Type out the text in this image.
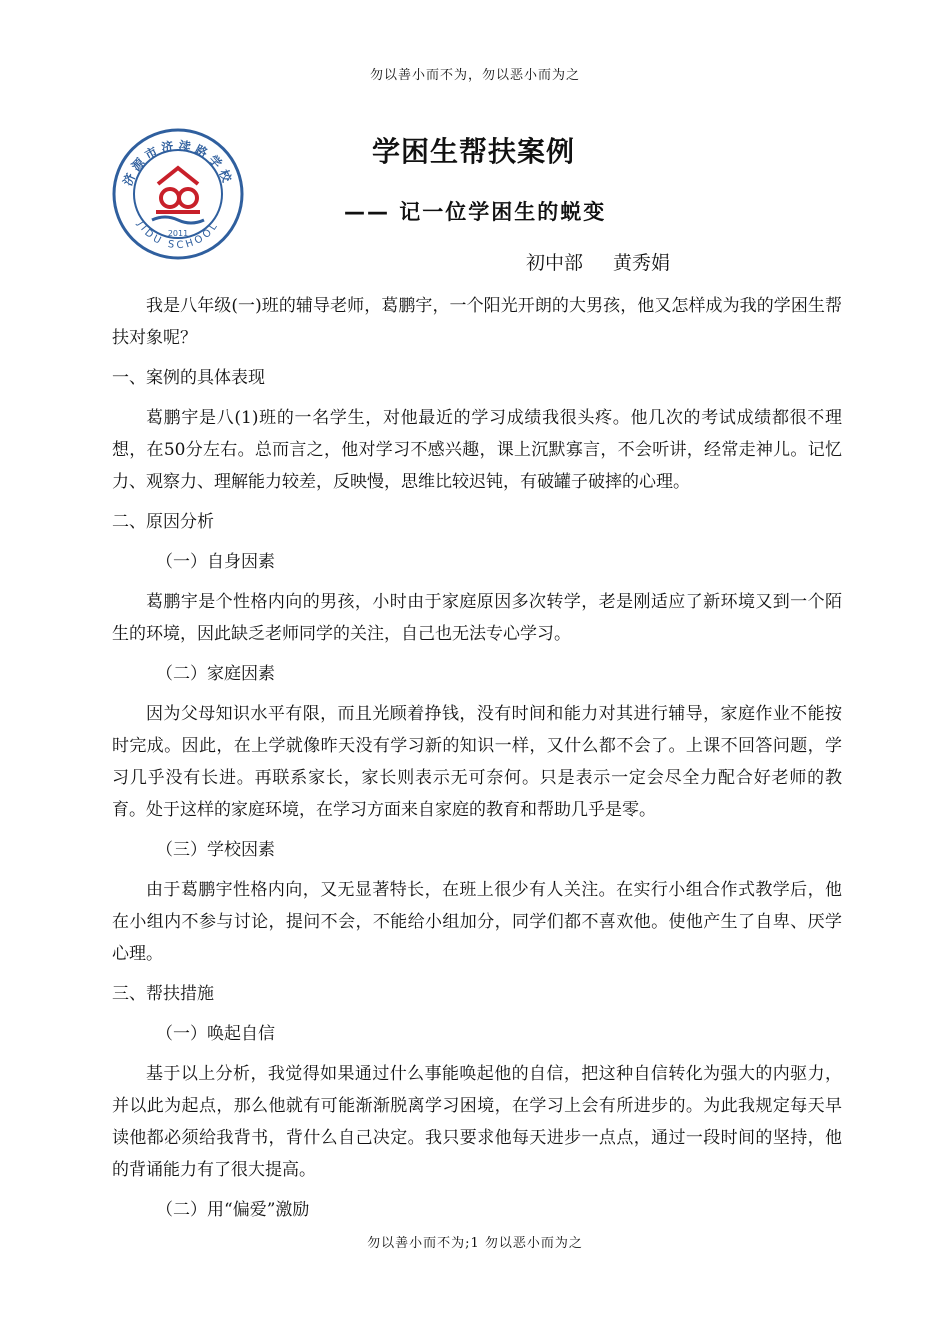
勿以善小而不为，勿以恶小而为之
济源市济渎路学校
JIDU SCHOOL
2011
学困生帮扶案例
—— 记一位学困生的蜕变
初中部 黄秀娟

我是八年级(一)班的辅导老师，葛鹏宇，一个阳光开朗的大男孩，他又怎样成为我的学困生帮扶对象呢？

一、案例的具体表现

葛鹏宇是八(1)班的一名学生，对他最近的学习成绩我很头疼。他几次的考试成绩都很不理想，在50分左右。总而言之，他对学习不感兴趣，课上沉默寡言，不会听讲，经常走神儿。记忆力、观察力、理解能力较差，反映慢，思维比较迟钝，有破罐子破摔的心理。

二、原因分析

（一）自身因素

葛鹏宇是个性格内向的男孩，小时由于家庭原因多次转学，老是刚适应了新环境又到一个陌生的环境，因此缺乏老师同学的关注，自己也无法专心学习。

（二）家庭因素

因为父母知识水平有限，而且光顾着挣钱，没有时间和能力对其进行辅导，家庭作业不能按时完成。因此，在上学就像昨天没有学习新的知识一样，又什么都不会了。上课不回答问题，学习几乎没有长进。再联系家长，家长则表示无可奈何。只是表示一定会尽全力配合好老师的教育。处于这样的家庭环境，在学习方面来自家庭的教育和帮助几乎是零。

（三）学校因素

由于葛鹏宇性格内向，又无显著特长，在班上很少有人关注。在实行小组合作式教学后，他在小组内不参与讨论，提问不会，不能给小组加分，同学们都不喜欢他。使他产生了自卑、厌学心理。

三、帮扶措施

（一）唤起自信

基于以上分析，我觉得如果通过什么事能唤起他的自信，把这种自信转化为强大的内驱力，并以此为起点，那么他就有可能渐渐脱离学习困境，在学习上会有所进步的。为此我规定每天早读他都必须给我背书，背什么自己决定。我只要求他每天进步一点点，通过一段时间的坚持，他的背诵能力有了很大提高。

（二）用“偏爱”激励

勿以善小而不为;1 勿以恶小而为之
